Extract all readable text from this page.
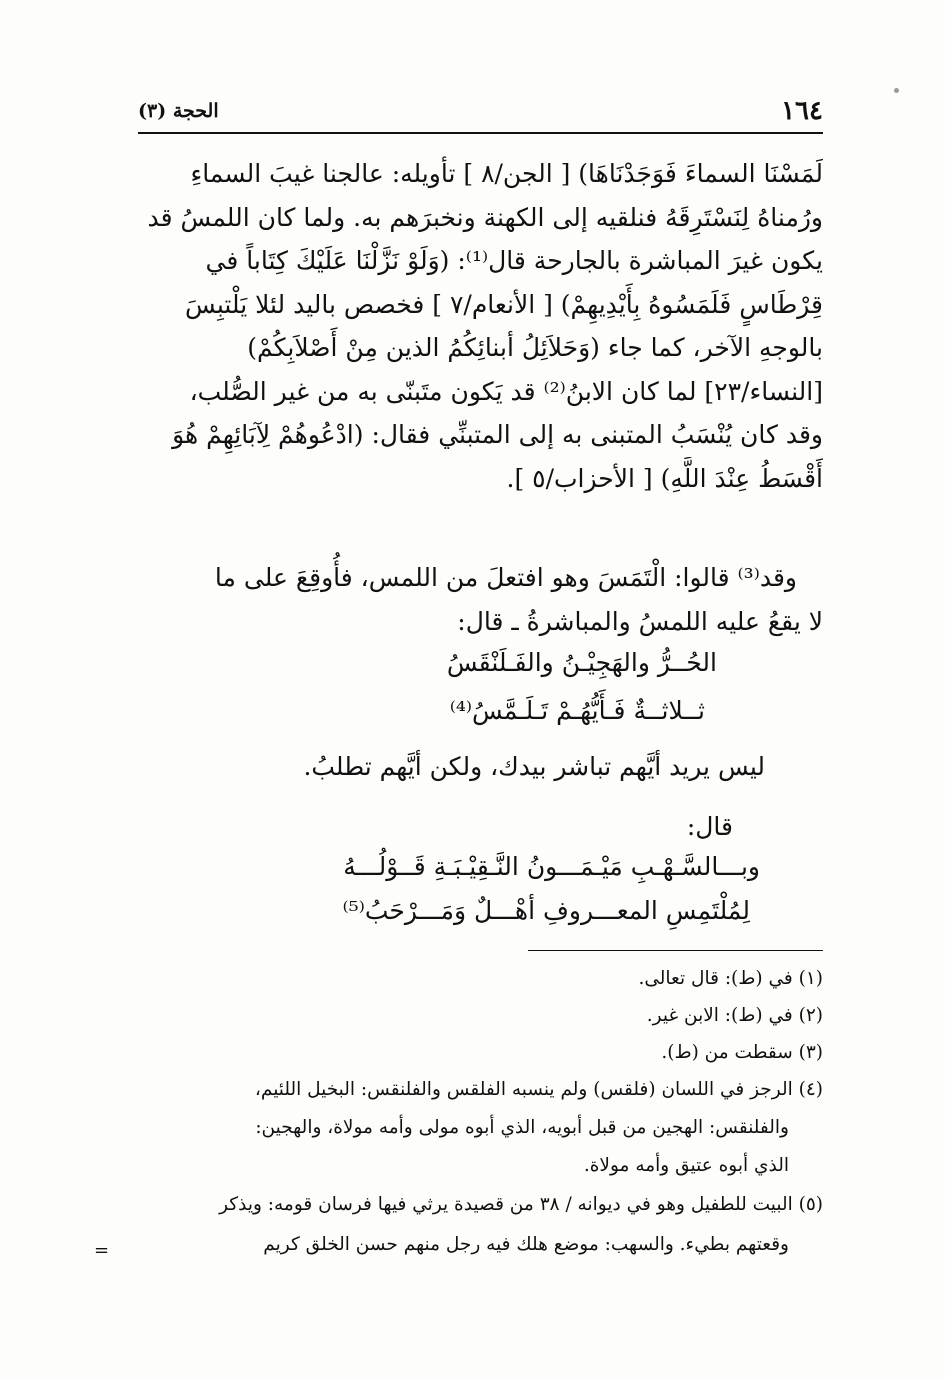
١٦٤
الحجة (٣)
لَمَسْنَا السماءَ فَوَجَدْنَاهَا) [ الجن/٨ ] تأويله: عالجنا غيبَ السماءِ
ورُمناهُ لِنَسْتَرِقَهُ فنلقيه إلى الكهنة ونخبرَهم به. ولما كان اللمسُ قد
يكون غيرَ المباشرة بالجارحة قال⁽¹⁾: (وَلَوْ نَزَّلْنَا عَلَيْكَ كِتَاباً في
قِرْطَاسٍ فَلَمَسُوهُ بِأَيْدِيهِمْ) [ الأنعام/٧ ] فخصص باليد لئلا يَلْتبِسَ
بالوجهِ الآخر، كما جاء (وَحَلاَئِلُ أبنائِكُمُ الذين مِنْ أَصْلاَبِكُمْ)
[النساء/٢٣] لما كان الابنُ⁽²⁾ قد يَكون متَبنّى به من غير الصُّلب،
وقد كان يُنْسَبُ المتبنى به إلى المتبنِّي فقال: (ادْعُوهُمْ لِآبَائِهِمْ هُوَ
أَقْسَطُ عِنْدَ اللَّهِ) [ الأحزاب/٥ ].
وقد⁽³⁾ قالوا: الْتَمَسَ وهو افتعلَ من اللمس، فأُوقِعَ على ما
لا يقعُ عليه اللمسُ والمباشرةُ ـ قال:
الحُــرُّ والهَجِيْـنُ والفَـلَنْقَسُ
ثــلاثــةٌ فَـأَيُّهُـمْ تَـلَـمَّسُ⁽⁴⁾
ليس يريد أيَّهم تباشر بيدك، ولكن أيَّهم تطلبُ.
قال:
وبـــالسَّـهْـبِ مَيْـمَـــونُ النَّـقِيْـبَـةِ قَــوْلُـــهُ
لِمُلْتَمِسِ المعـــروفِ أهْـــلٌ وَمَـــرْحَبُ⁽⁵⁾
(١) في (ط): قال تعالى.
(٢) في (ط): الابن غير.
(٣) سقطت من (ط).
(٤) الرجز في اللسان (فلقس) ولم ينسبه الفلقس والفلنقس: البخيل اللئيم،
والفلنقس: الهجين من قبل أبويه، الذي أبوه مولى وأمه مولاة، والهجين:
الذي أبوه عتيق وأمه مولاة.
(٥) البيت للطفيل وهو في ديوانه / ٣٨ من قصيدة يرثي فيها فرسان قومه: ويذكر
وقعتهم بطيء. والسهب: موضع هلك فيه رجل منهم حسن الخلق كريم
=
